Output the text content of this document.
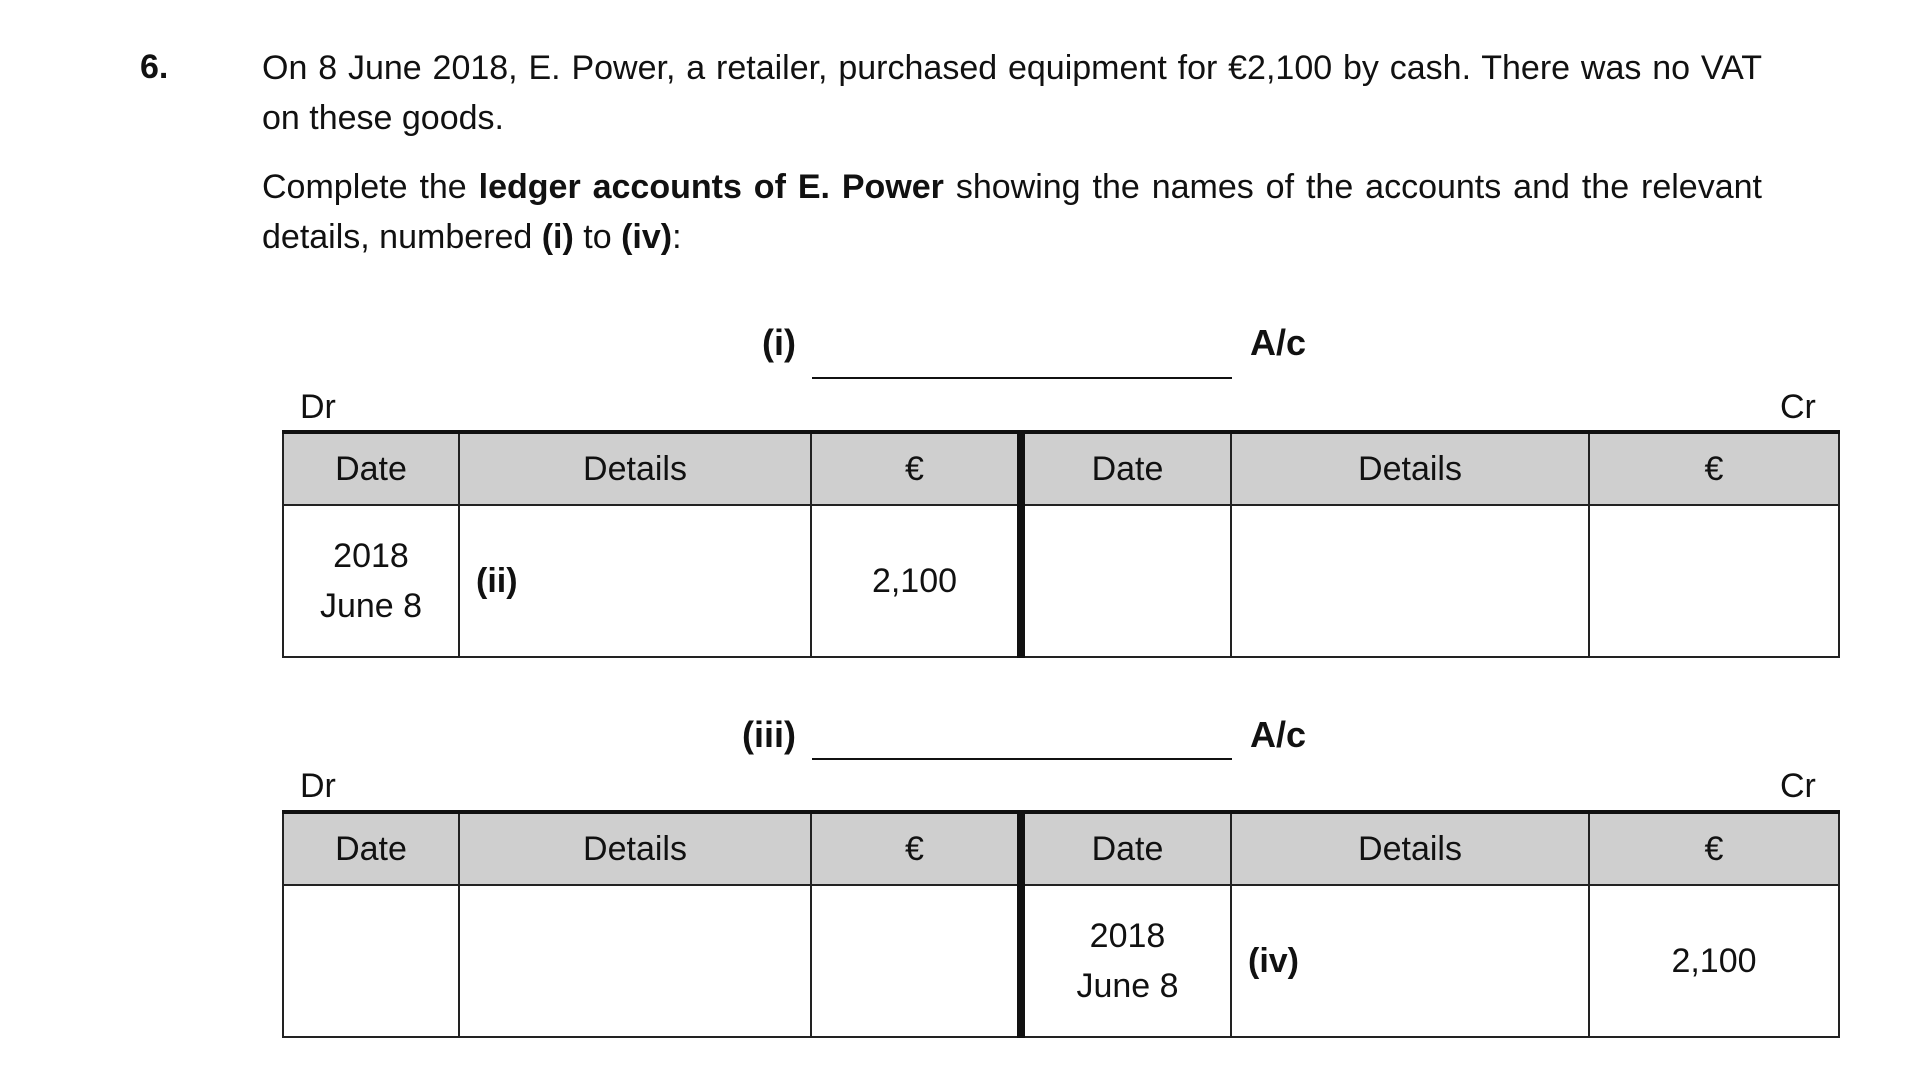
6.	On 8 June 2018, E. Power, a retailer, purchased equipment for €2,100 by cash. There was no VAT on these goods.

Complete the ledger accounts of E. Power showing the names of the accounts and the relevant details, numbered (i) to (iv):

(i)	A/c
Dr	Cr
Date	Details	€	Date	Details	€

2018
June 8	(ii)	2,100	

(iii)	A/c
Dr	Cr
Date	Details	€	Date	Details	€

			2018
June 8	(iv)	2,100
